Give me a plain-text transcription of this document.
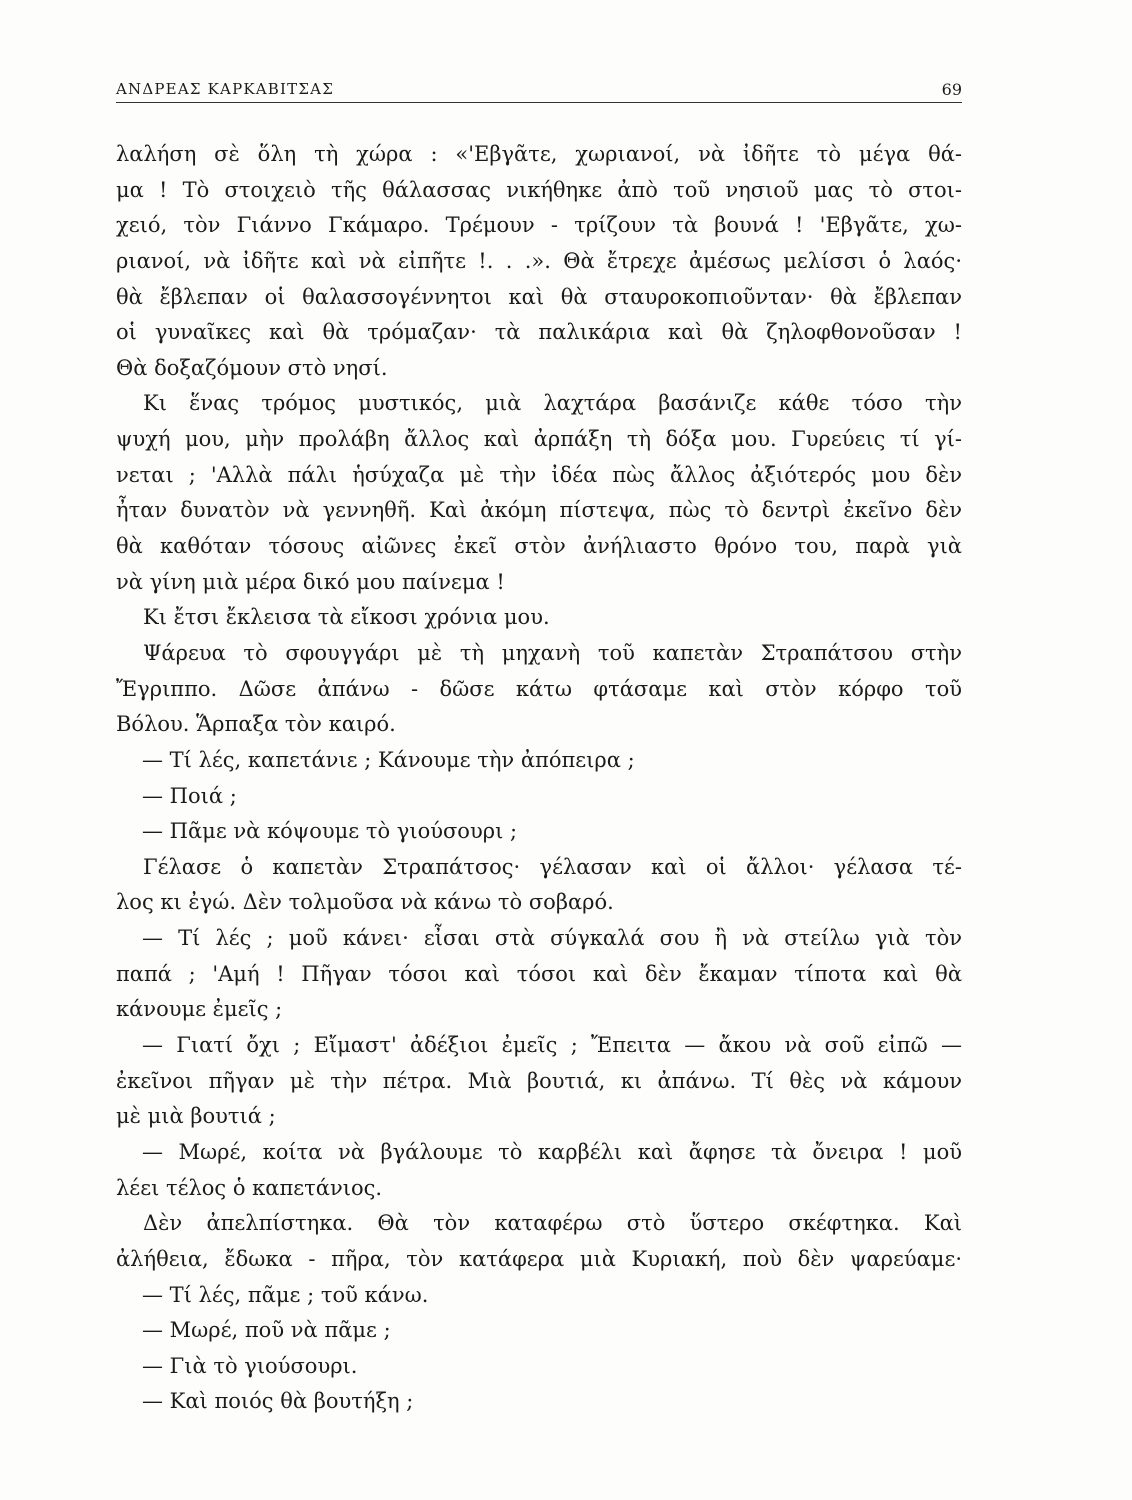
ΑΝΔΡΕΑΣ ΚΑΡΚΑΒΙΤΣΑΣ	69
λαλήση σὲ ὅλη τὴ χώρα : «'Εβγᾶτε, χωριανοί, νὰ ἰδῆτε τὸ μέγα θά-
μα ! Τὸ στοιχειὸ τῆς θάλασσας νικήθηκε ἀπὸ τοῦ νησιοῦ μας τὸ στοι-
χειό, τὸν Γιάννο Γκάμαρο. Τρέμουν - τρίζουν τὰ βουνά ! 'Εβγᾶτε, χω-
ριανοί, νὰ ἰδῆτε καὶ νὰ εἰπῆτε !. . .». Θὰ ἔτρεχε ἀμέσως μελίσσι ὁ λαός·
θὰ ἔβλεπαν οἱ θαλασσογέννητοι καὶ θὰ σταυροκοπιοῦνταν· θὰ ἔβλεπαν
οἱ γυναῖκες καὶ θὰ τρόμαζαν· τὰ παλικάρια καὶ θὰ ζηλοφθονοῦσαν !
Θὰ δοξαζόμουν στὸ νησί.
Κι ἕνας τρόμος μυστικός, μιὰ λαχτάρα βασάνιζε κάθε τόσο τὴν
ψυχή μου, μὴν προλάβη ἄλλος καὶ ἀρπάξη τὴ δόξα μου. Γυρεύεις τί γί-
νεται ; 'Αλλὰ πάλι ἡσύχαζα μὲ τὴν ἰδέα πὼς ἄλλος ἀξιότερός μου δὲν
ἦταν δυνατὸν νὰ γεννηθῆ. Καὶ ἀκόμη πίστεψα, πὼς τὸ δεντρὶ ἐκεῖνο δὲν
θὰ καθόταν τόσους αἰῶνες ἐκεῖ στὸν ἀνήλιαστο θρόνο του, παρὰ γιὰ
νὰ γίνη μιὰ μέρα δικό μου παίνεμα !
Κι ἔτσι ἔκλεισα τὰ εἴκοσι χρόνια μου.
Ψάρευα τὸ σφουγγάρι μὲ τὴ μηχανὴ τοῦ καπετὰν Στραπάτσου στὴν
Ἔγριππο. Δῶσε ἀπάνω - δῶσε κάτω φτάσαμε καὶ στὸν κόρφο τοῦ
Βόλου. Ἅρπαξα τὸν καιρό.
— Τί λές, καπετάνιε ; Κάνουμε τὴν ἀπόπειρα ;
— Ποιά ;
— Πᾶμε νὰ κόψουμε τὸ γιούσουρι ;
Γέλασε ὁ καπετὰν Στραπάτσος· γέλασαν καὶ οἱ ἄλλοι· γέλασα τέ-
λος κι ἐγώ. Δὲν τολμοῦσα νὰ κάνω τὸ σοβαρό.
— Τί λές ; μοῦ κάνει· εἶσαι στὰ σύγκαλά σου ἢ νὰ στείλω γιὰ τὸν
παπά ; 'Αμή ! Πῆγαν τόσοι καὶ τόσοι καὶ δὲν ἔκαμαν τίποτα καὶ θὰ
κάνουμε ἐμεῖς ;
— Γιατί ὄχι ; Εἴμαστ' ἀδέξιοι ἐμεῖς ; Ἔπειτα — ἄκου νὰ σοῦ εἰπῶ —
ἐκεῖνοι πῆγαν μὲ τὴν πέτρα. Μιὰ βουτιά, κι ἀπάνω. Τί θὲς νὰ κάμουν
μὲ μιὰ βουτιά ;
— Μωρέ, κοίτα νὰ βγάλουμε τὸ καρβέλι καὶ ἄφησε τὰ ὄνειρα ! μοῦ
λέει τέλος ὁ καπετάνιος.
Δὲν ἀπελπίστηκα. Θὰ τὸν καταφέρω στὸ ὕστερο σκέφτηκα. Καὶ
ἀλήθεια, ἔδωκα - πῆρα, τὸν κατάφερα μιὰ Κυριακή, ποὺ δὲν ψαρεύαμε·
— Τί λές, πᾶμε ; τοῦ κάνω.
— Μωρέ, ποῦ νὰ πᾶμε ;
— Γιὰ τὸ γιούσουρι.
— Καὶ ποιός θὰ βουτήξη ;
